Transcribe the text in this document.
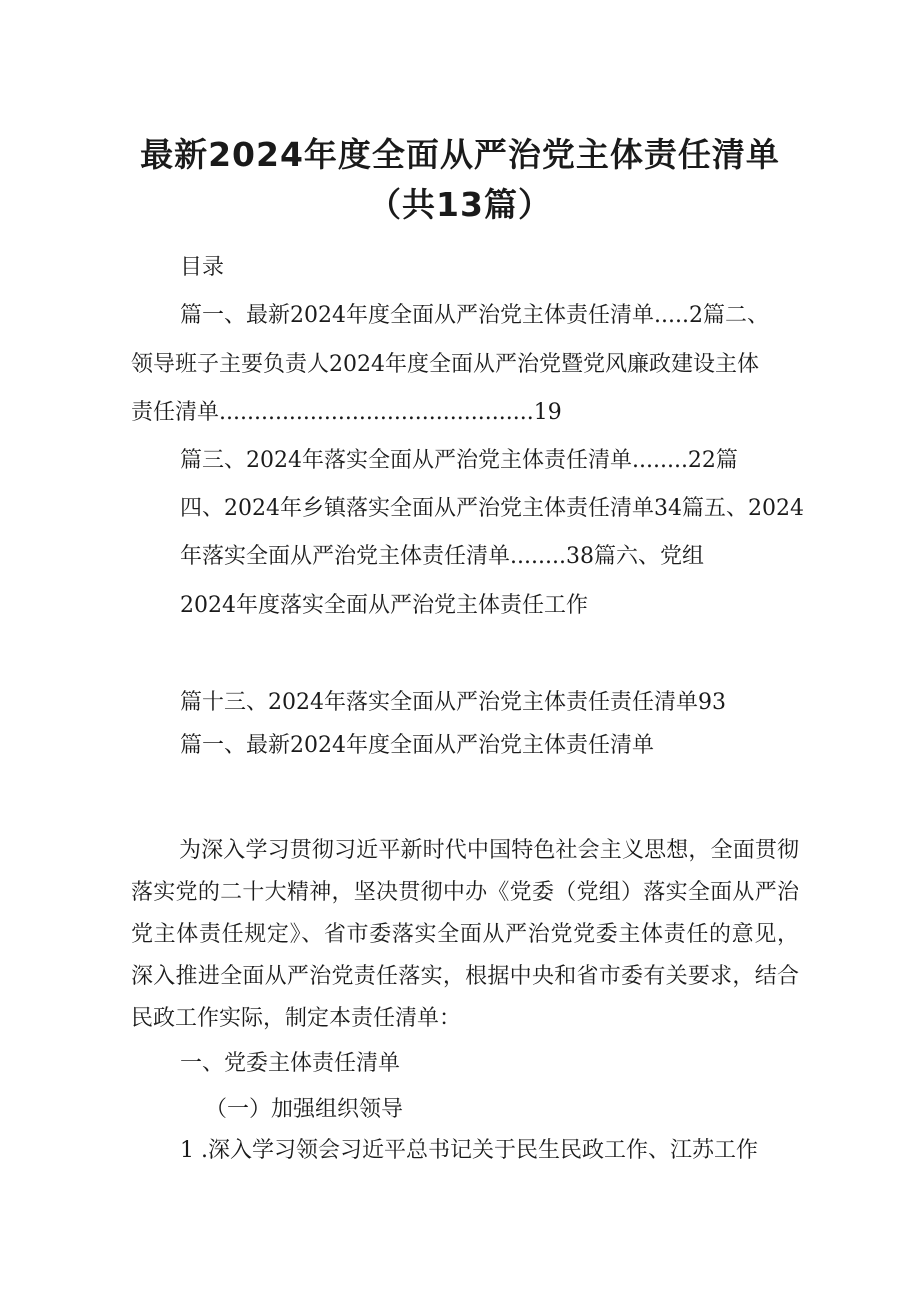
最新2024年度全面从严治党主体责任清单
（共13篇）
目录
篇一、最新2024年度全面从严治党主体责任清单.....2篇二、
领导班子主要负责人2024年度全面从严治党暨党风廉政建设主体
责任清单.............................................19
篇三、2024年落实全面从严治党主体责任清单........22篇
四、2024年乡镇落实全面从严治党主体责任清单34篇五、2024
年落实全面从严治党主体责任清单........38篇六、党组
2024年度落实全面从严治党主体责任工作
篇十三、2024年落实全面从严治党主体责任责任清单93
篇一、最新2024年度全面从严治党主体责任清单
为深入学习贯彻习近平新时代中国特色社会主义思想，全面贯彻落实党的二十大精神，坚决贯彻中办《党委（党组）落实全面从严治党主体责任规定》、省市委落实全面从严治党党委主体责任的意见，深入推进全面从严治党责任落实，根据中央和省市委有关要求，结合民政工作实际，制定本责任清单：
一、党委主体责任清单
（一）加强组织领导
1 .深入学习领会习近平总书记关于民生民政工作、江苏工作
